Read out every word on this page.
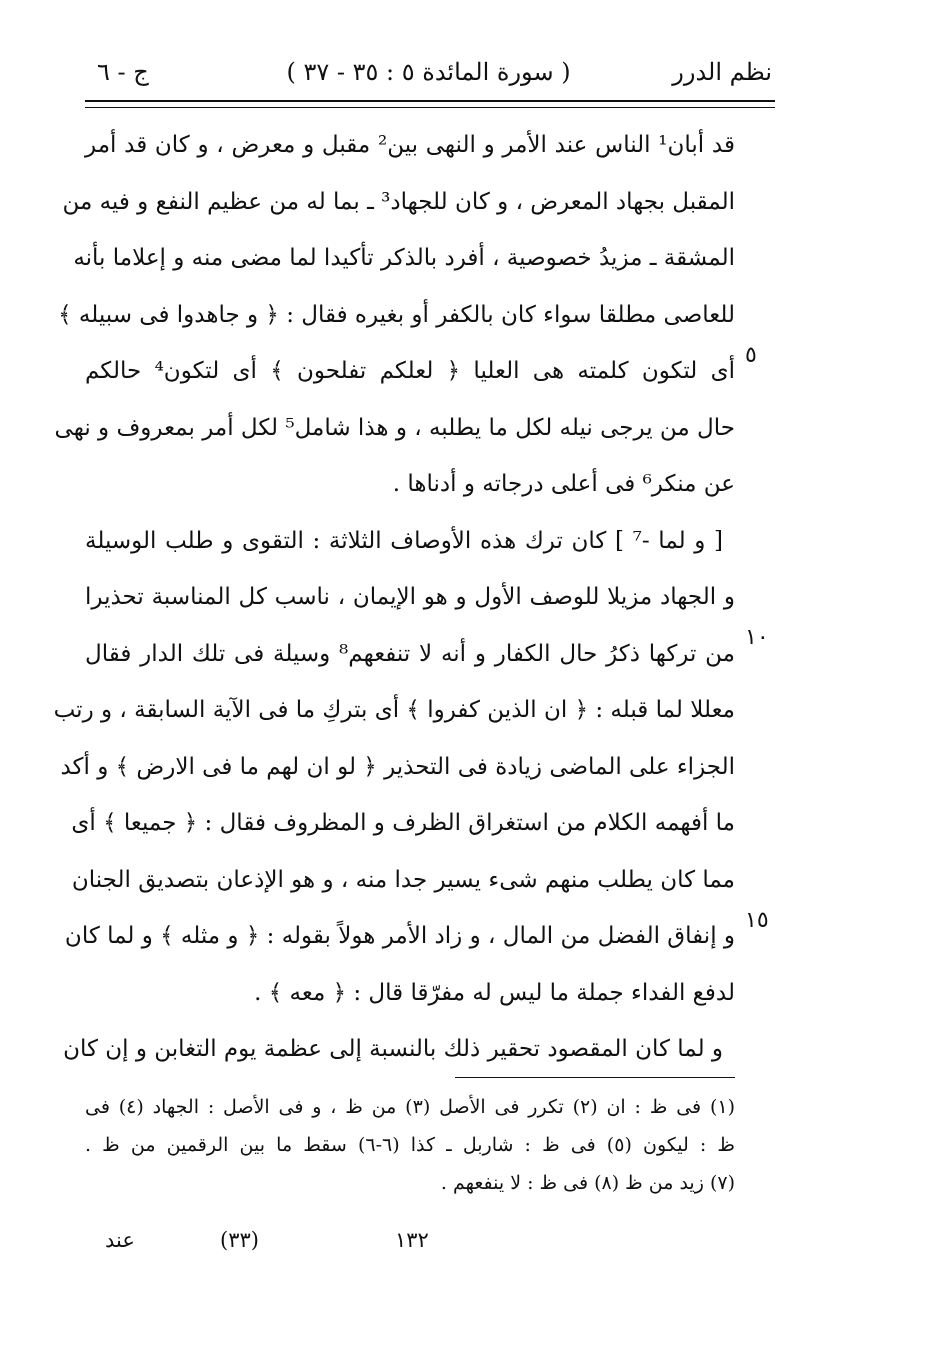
نظم الدرر
( سورة المائدة ٥ : ٣٥ - ٣٧ )
ج - ٦
قد أبان¹ الناس عند الأمر و النهى بين² مقبل و معرض ، و كان قد أمر
المقبل بجهاد المعرض ، و كان للجهاد³ ـ بما له من عظيم النفع و فيه من
المشقة ـ مزيدُ خصوصية ، أفرد بالذكر تأكيدا لما مضى منه و إعلاما بأنه
للعاصى مطلقا سواء كان بالكفر أو بغيره فقال : ﴿ و جاهدوا فى سبيله ﴾
أى لتكون كلمته هى العليا ﴿ لعلكم تفلحون ﴾ أى لتكون⁴ حالكم
حال من يرجى نيله لكل ما يطلبه ، و هذا شامل⁵ لكل أمر بمعروف و نهى
عن منكر⁶ فى أعلى درجاته و أدناها .
[ و لما -⁷ ] كان ترك هذه الأوصاف الثلاثة : التقوى و طلب الوسيلة
و الجهاد مزيلا للوصف الأول و هو الإيمان ، ناسب كل المناسبة تحذيرا
من تركها ذكرُ حال الكفار و أنه لا تنفعهم⁸ وسيلة فى تلك الدار فقال
معللا لما قبله : ﴿ ان الذين كفروا ﴾ أى بتركِ ما فى الآية السابقة ، و رتب
الجزاء على الماضى زيادة فى التحذير ﴿ لو ان لهم ما فى الارض ﴾ و أكد
ما أفهمه الكلام من استغراق الظرف و المظروف فقال : ﴿ جميعا ﴾ أى
مما كان يطلب منهم شىء يسير جدا منه ، و هو الإذعان بتصديق الجنان
و إنفاق الفضل من المال ، و زاد الأمر هولاً بقوله : ﴿ و مثله ﴾ و لما كان
لدفع الفداء جملة ما ليس له مفرّقا قال : ﴿ معه ﴾ .
و لما كان المقصود تحقير ذلك بالنسبة إلى عظمة يوم التغابن و إن كان
٥
١٠
١٥
(١) فى ظ : ان (٢) تكرر فى الأصل (٣) من ظ ، و فى الأصل : الجهاد (٤) فى
ظ : ليكون (٥) فى ظ : شاربل ـ كذا (٦-٦) سقط ما بين الرقمين من ظ .
(٧) زيد من ظ (٨) فى ظ : لا ينفعهم .
١٣٢
(٣٣)
عند
